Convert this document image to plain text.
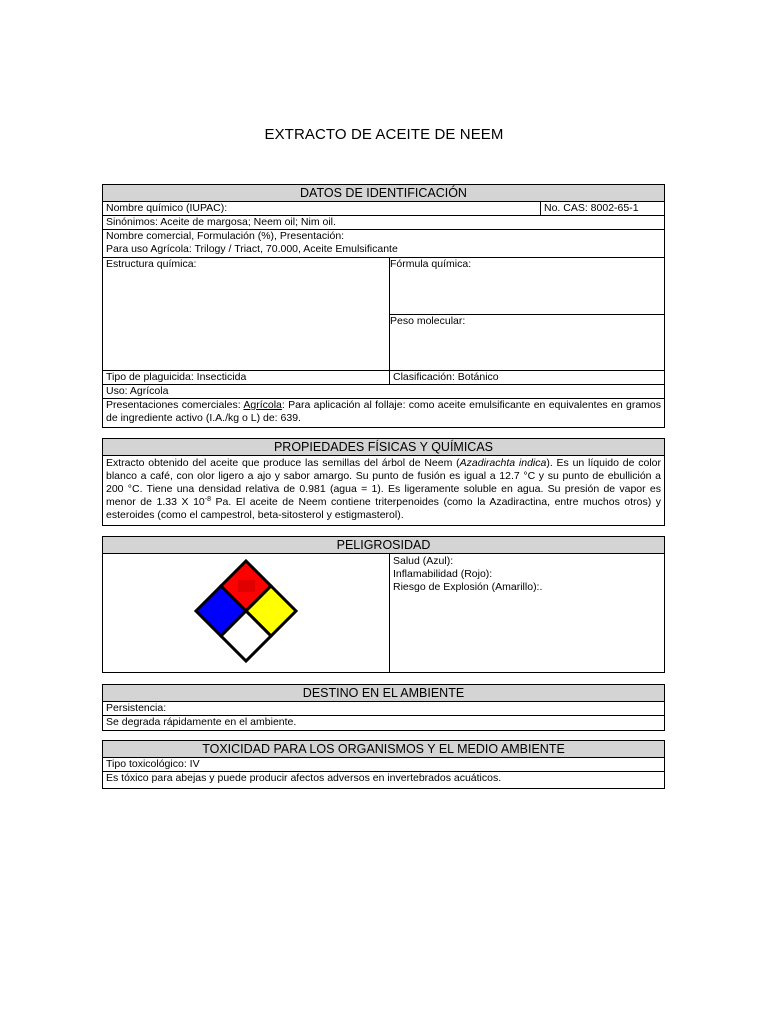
EXTRACTO DE ACEITE DE NEEM
DATOS DE IDENTIFICACIÓN
Nombre químico (IUPAC):	No. CAS: 8002-65-1
Sinónimos: Aceite de margosa; Neem oil; Nim oil.
Nombre comercial, Formulación (%), Presentación:
Para uso Agrícola: Trilogy / Triact, 70.000, Aceite Emulsificante
Estructura química:	Fórmula química:
Peso molecular:
Tipo de plaguicida: Insecticida	Clasificación: Botánico
Uso: Agrícola
Presentaciones comerciales: Agrícola: Para aplicación al follaje: como aceite emulsificante en equivalentes en gramos de ingrediente activo (I.A./kg o L) de: 639.
PROPIEDADES FÍSICAS Y QUÍMICAS
Extracto obtenido del aceite que produce las semillas del árbol de Neem (Azadirachta indica). Es un líquido de color blanco a café, con olor ligero a ajo y sabor amargo. Su punto de fusión es igual a 12.7 °C y su punto de ebullición a 200 °C. Tiene una densidad relativa de 0.981 (agua = 1). Es ligeramente soluble en agua. Su presión de vapor es menor de 1.33 X $10^{-8}$ Pa. El aceite de Neem contiene triterpenoides (como la Azadiractina, entre muchos otros) y esteroides (como el campestrol, beta-sitosterol y estigmasterol).
PELIGROSIDAD
Salud (Azul):
Inflamabilidad (Rojo):
Riesgo de Explosión (Amarillo):.
DESTINO EN EL AMBIENTE
Persistencia:
Se degrada rápidamente en el ambiente.
TOXICIDAD PARA LOS ORGANISMOS Y EL MEDIO AMBIENTE
Tipo toxicológico: IV
Es tóxico para abejas y puede producir afectos adversos en invertebrados acuáticos.
